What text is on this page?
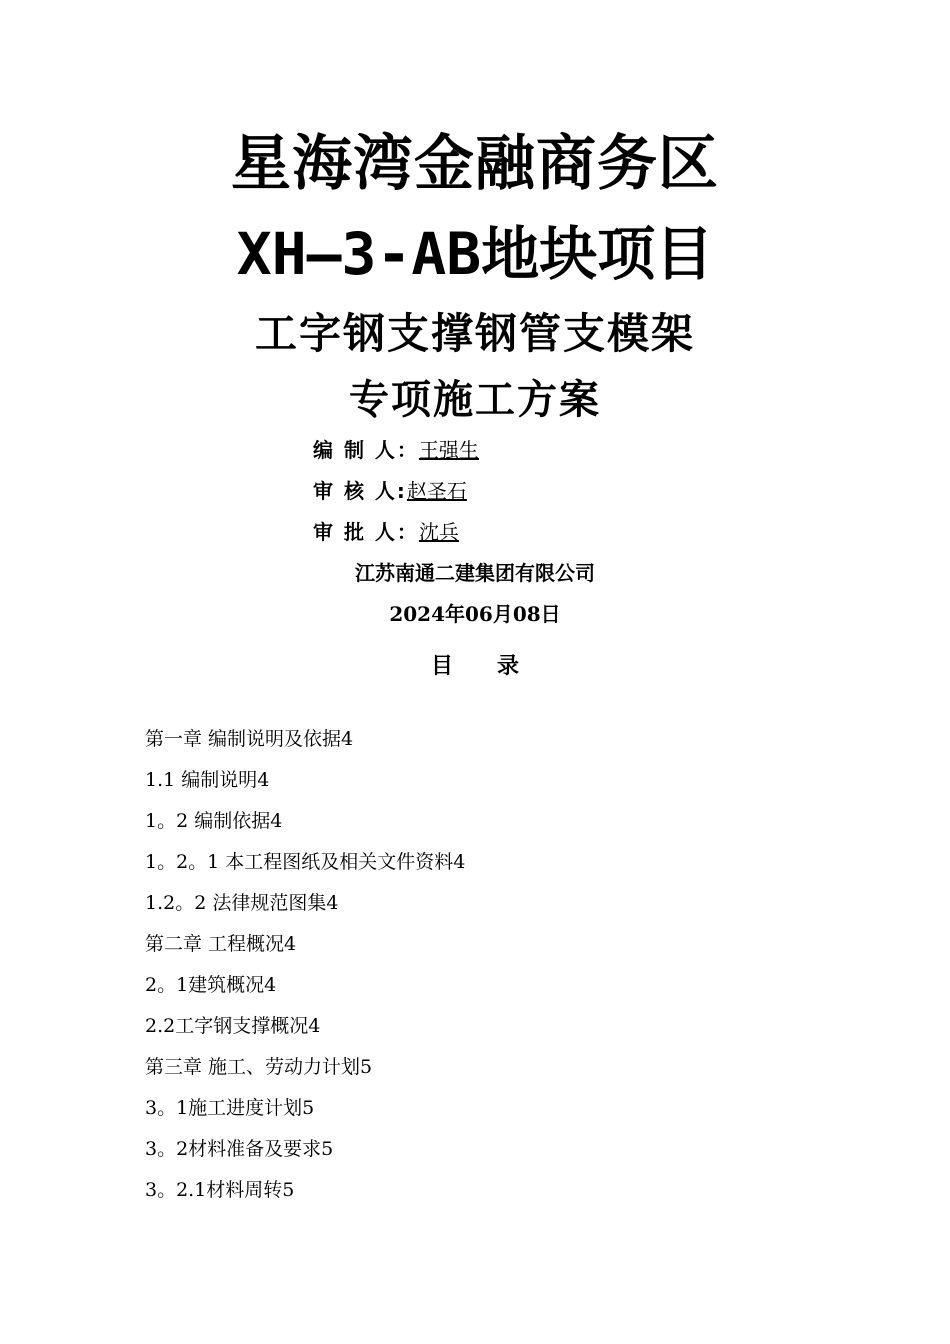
星海湾金融商务区
XH—3-AB地块项目
工字钢支撑钢管支模架
专项施工方案
编 制 人：王强生
审 核 人:赵圣石
审 批 人：沈兵
江苏南通二建集团有限公司
2024年06月08日
目 录
第一章 编制说明及依据4
1.1 编制说明4
1。2 编制依据4
1。2。1 本工程图纸及相关文件资料4
1.2。2 法律规范图集4
第二章 工程概况4
2。1建筑概况4
2.2工字钢支撑概况4
第三章 施工、劳动力计划5
3。1施工进度计划5
3。2材料准备及要求5
3。2.1材料周转5
